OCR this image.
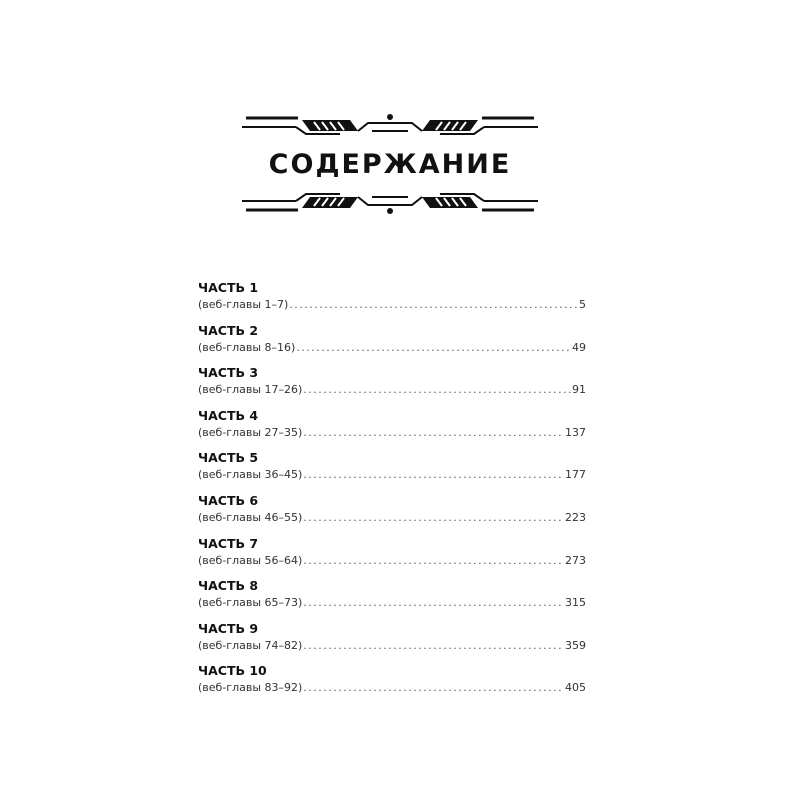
СОДЕРЖАНИЕ
ЧАСТЬ 1
(веб-главы 1–7) .....	5
ЧАСТЬ 2
(веб-главы 8–16) .....	49
ЧАСТЬ 3
(веб-главы 17–26) .....	91
ЧАСТЬ 4
(веб-главы 27–35) .....	137
ЧАСТЬ 5
(веб-главы 36–45) .....	177
ЧАСТЬ 6
(веб-главы 46–55) .....	223
ЧАСТЬ 7
(веб-главы 56–64) .....	273
ЧАСТЬ 8
(веб-главы 65–73) .....	315
ЧАСТЬ 9
(веб-главы 74–82) .....	359
ЧАСТЬ 10
(веб-главы 83–92) .....	405
